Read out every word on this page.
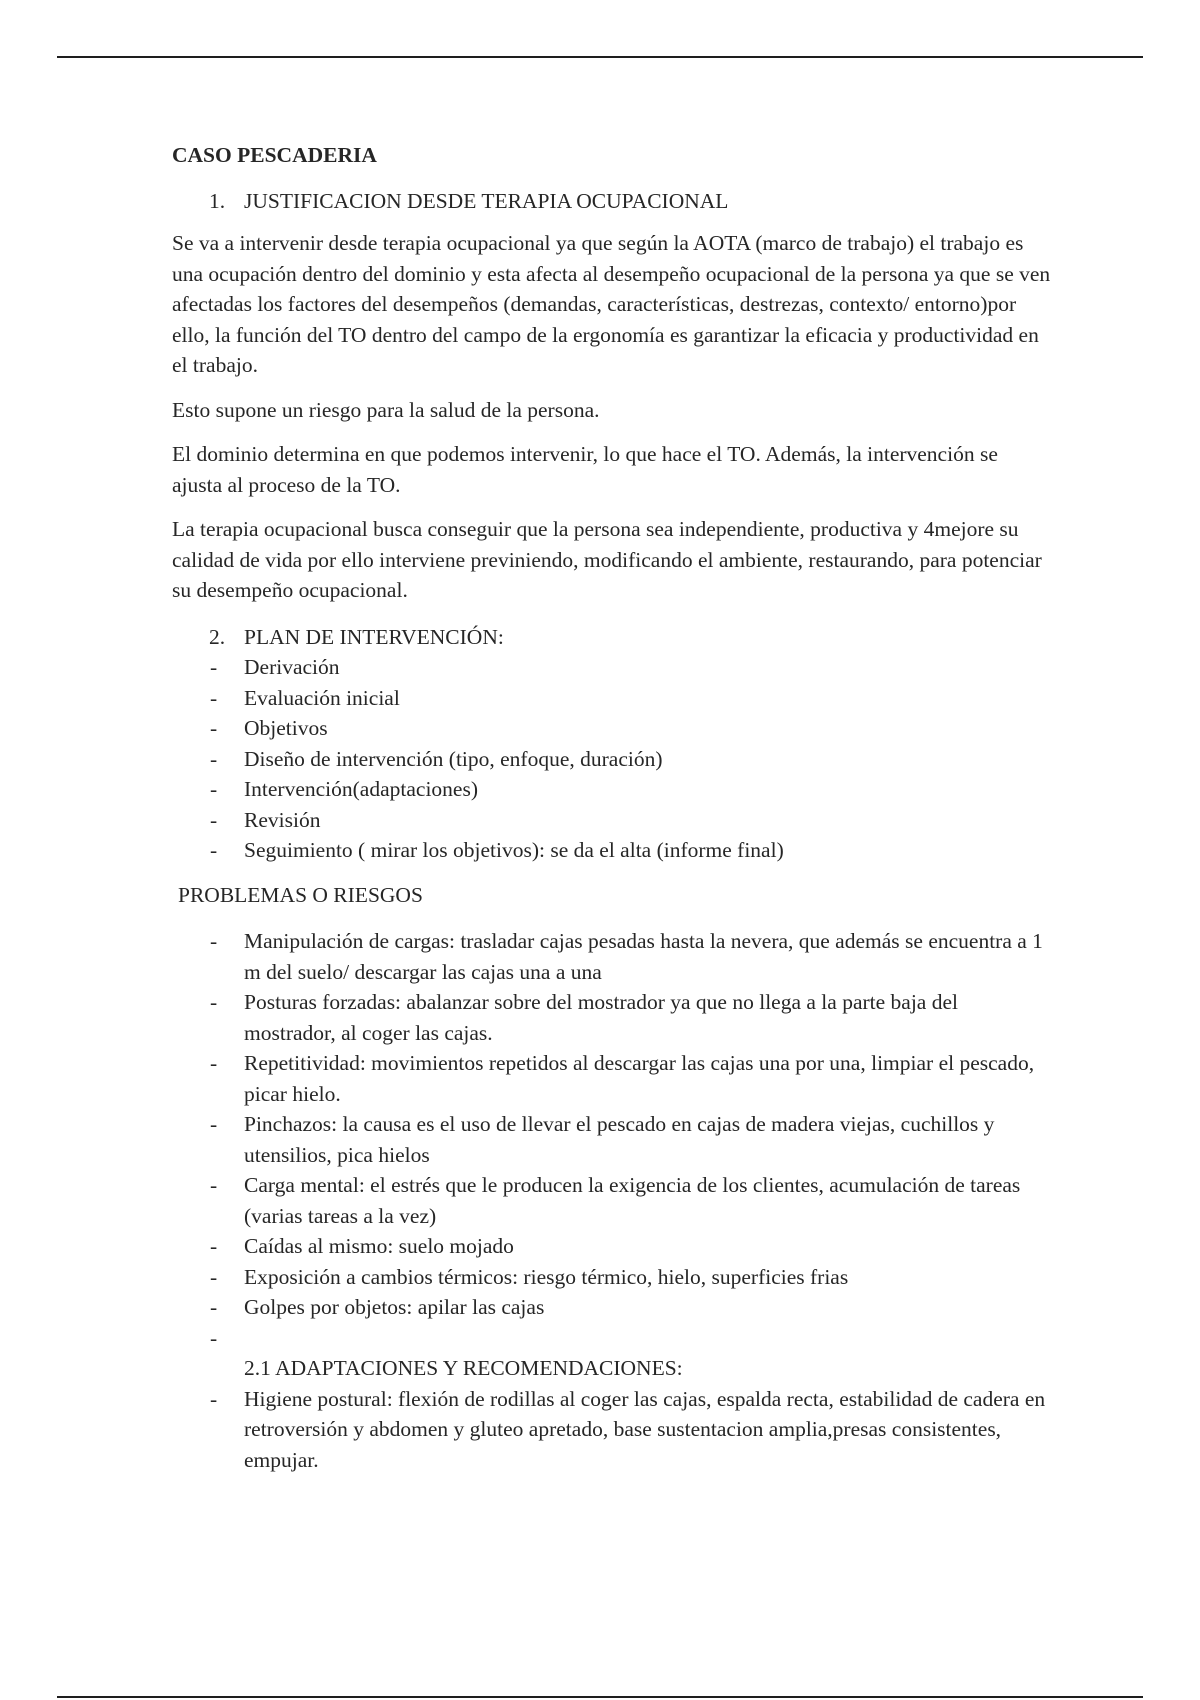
CASO PESCADERIA

1. JUSTIFICACION DESDE TERAPIA OCUPACIONAL

Se va a intervenir desde terapia ocupacional ya que según la AOTA (marco de trabajo) el trabajo es una ocupación dentro del dominio y esta afecta al desempeño ocupacional de la persona ya que se ven afectadas los factores del desempeños (demandas, características, destrezas, contexto/ entorno)por ello, la función del TO dentro del campo de la ergonomía es garantizar la eficacia y productividad en el trabajo.

Esto supone un riesgo para la salud de la persona.

El dominio determina en que podemos intervenir, lo que hace el TO. Además, la intervención se ajusta al proceso de la TO.

La terapia ocupacional busca conseguir que la persona sea independiente, productiva y 4mejore su calidad de vida por ello interviene previniendo, modificando el ambiente, restaurando, para potenciar su desempeño ocupacional.

2. PLAN DE INTERVENCIÓN:

- Derivación
- Evaluación inicial
- Objetivos
- Diseño de intervención (tipo, enfoque, duración)
- Intervención(adaptaciones)
- Revisión
- Seguimiento ( mirar los objetivos): se da el alta (informe final)

PROBLEMAS O RIESGOS

- Manipulación de cargas: trasladar cajas pesadas hasta la nevera, que además se encuentra a 1 m del suelo/ descargar las cajas una a una
- Posturas forzadas: abalanzar sobre del mostrador ya que no llega a la parte baja del mostrador, al coger las cajas.
- Repetitividad: movimientos repetidos al descargar las cajas una por una, limpiar el pescado, picar hielo.
- Pinchazos: la causa es el uso de llevar el pescado en cajas de madera viejas, cuchillos y utensilios, pica hielos
- Carga mental: el estrés que le producen la exigencia de los clientes, acumulación de tareas (varias tareas a la vez)
- Caídas al mismo: suelo mojado
- Exposición a cambios térmicos: riesgo térmico, hielo, superficies frias
- Golpes por objetos: apilar las cajas
-

2.1 ADAPTACIONES Y RECOMENDACIONES:

- Higiene postural: flexión de rodillas al coger las cajas, espalda recta, estabilidad de cadera en retroversión y abdomen y gluteo apretado, base sustentacion amplia,presas consistentes, empujar.
